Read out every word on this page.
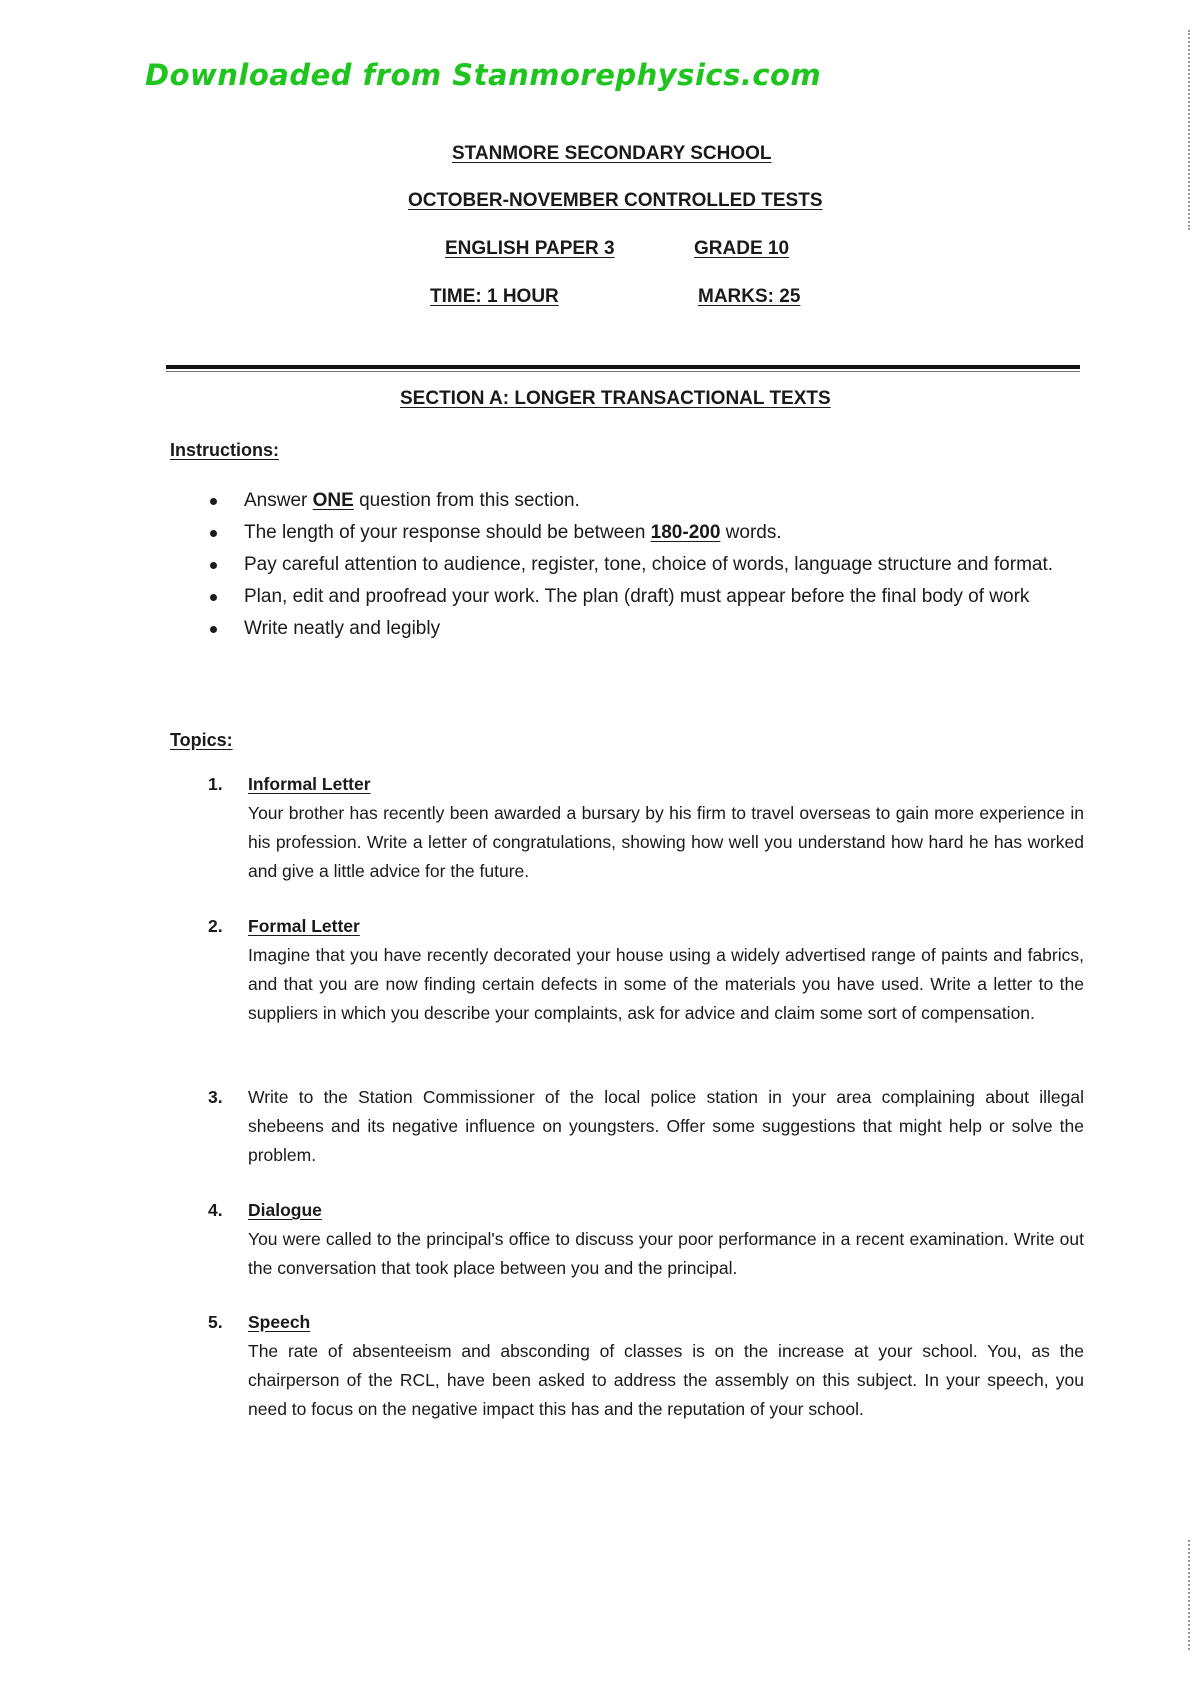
Downloaded from Stanmorephysics.com
STANMORE SECONDARY SCHOOL
OCTOBER-NOVEMBER CONTROLLED TESTS
ENGLISH PAPER 3	GRADE 10
TIME: 1 HOUR	MARKS: 25
SECTION A: LONGER TRANSACTIONAL TEXTS
Instructions:
Answer ONE question from this section.
The length of your response should be between 180-200 words.
Pay careful attention to audience, register, tone, choice of words, language structure and format.
Plan, edit and proofread your work. The plan (draft) must appear before the final body of work
Write neatly and legibly
Topics:
1. Informal Letter
Your brother has recently been awarded a bursary by his firm to travel overseas to gain more experience in his profession. Write a letter of congratulations, showing how well you understand how hard he has worked and give a little advice for the future.
2. Formal Letter
Imagine that you have recently decorated your house using a widely advertised range of paints and fabrics, and that you are now finding certain defects in some of the materials you have used. Write a letter to the suppliers in which you describe your complaints, ask for advice and claim some sort of compensation.
3. Write to the Station Commissioner of the local police station in your area complaining about illegal shebeens and its negative influence on youngsters. Offer some suggestions that might help or solve the problem.
4. Dialogue
You were called to the principal's office to discuss your poor performance in a recent examination. Write out the conversation that took place between you and the principal.
5. Speech
The rate of absenteeism and absconding of classes is on the increase at your school. You, as the chairperson of the RCL, have been asked to address the assembly on this subject. In your speech, you need to focus on the negative impact this has and the reputation of your school.
